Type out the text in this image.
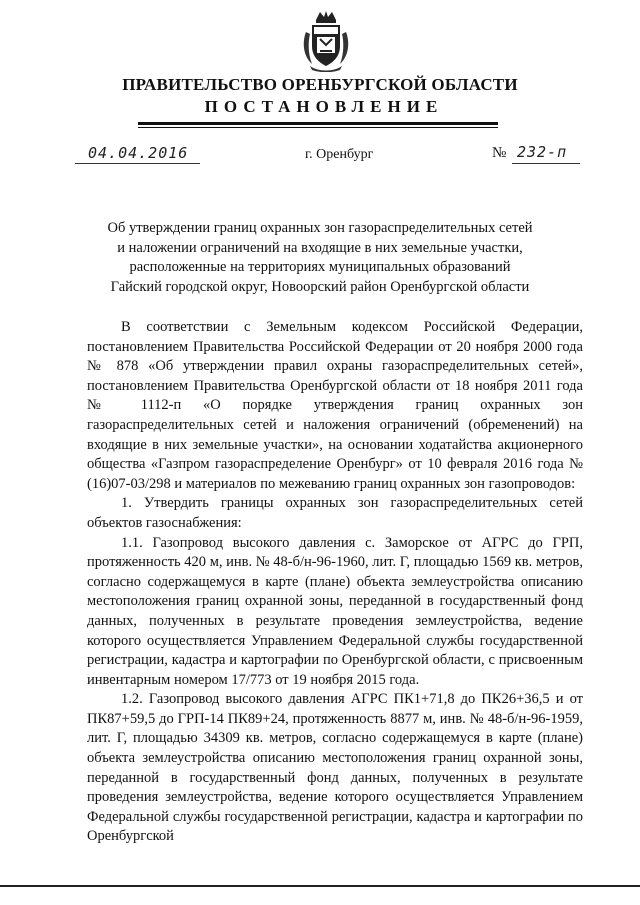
ПРАВИТЕЛЬСТВО ОРЕНБУРГСКОЙ ОБЛАСТИ
ПОСТАНОВЛЕНИЕ
04.04.2016	г. Оренбург	№ 232-п
Об утверждении границ охранных зон газораспределительных сетей
и наложении ограничений на входящие в них земельные участки,
расположенные на территориях муниципальных образований
Гайский городской округ, Новоорский район Оренбургской области

В соответствии с Земельным кодексом Российской Федерации, постановлением Правительства Российской Федерации от 20 ноября 2000 года № 878 «Об утверждении правил охраны газораспределительных сетей», постановлением Правительства Оренбургской области от 18 ноября 2011 года № 1112-п «О порядке утверждения границ охранных зон газораспределительных сетей и наложения ограничений (обременений) на входящие в них земельные участки», на основании ходатайства акционерного общества «Газпром газораспределение Оренбург» от 10 февраля 2016 года № (16)07-03/298 и материалов по межеванию границ охранных зон газопроводов:

1. Утвердить границы охранных зон газораспределительных сетей объектов газоснабжения:

1.1. Газопровод высокого давления с. Заморское от АГРС до ГРП, протяженность 420 м, инв. № 48-б/н-96-1960, лит. Г, площадью 1569 кв. метров, согласно содержащемуся в карте (плане) объекта землеустройства описанию местоположения границ охранной зоны, переданной в государственный фонд данных, полученных в результате проведения землеустройства, ведение которого осуществляется Управлением Федеральной службы государственной регистрации, кадастра и картографии по Оренбургской области, с присвоенным инвентарным номером 17/773 от 19 ноября 2015 года.

1.2. Газопровод высокого давления АГРС ПК1+71,8 до ПК26+36,5 и от ПК87+59,5 до ГРП-14 ПК89+24, протяженность 8877 м, инв. № 48-б/н-96-1959, лит. Г, площадью 34309 кв. метров, согласно содержащемуся в карте (плане) объекта землеустройства описанию местоположения границ охранной зоны, переданной в государственный фонд данных, полученных в результате проведения землеустройства, ведение которого осуществляется Управлением Федеральной службы государственной регистрации, кадастра и картографии по Оренбургской
